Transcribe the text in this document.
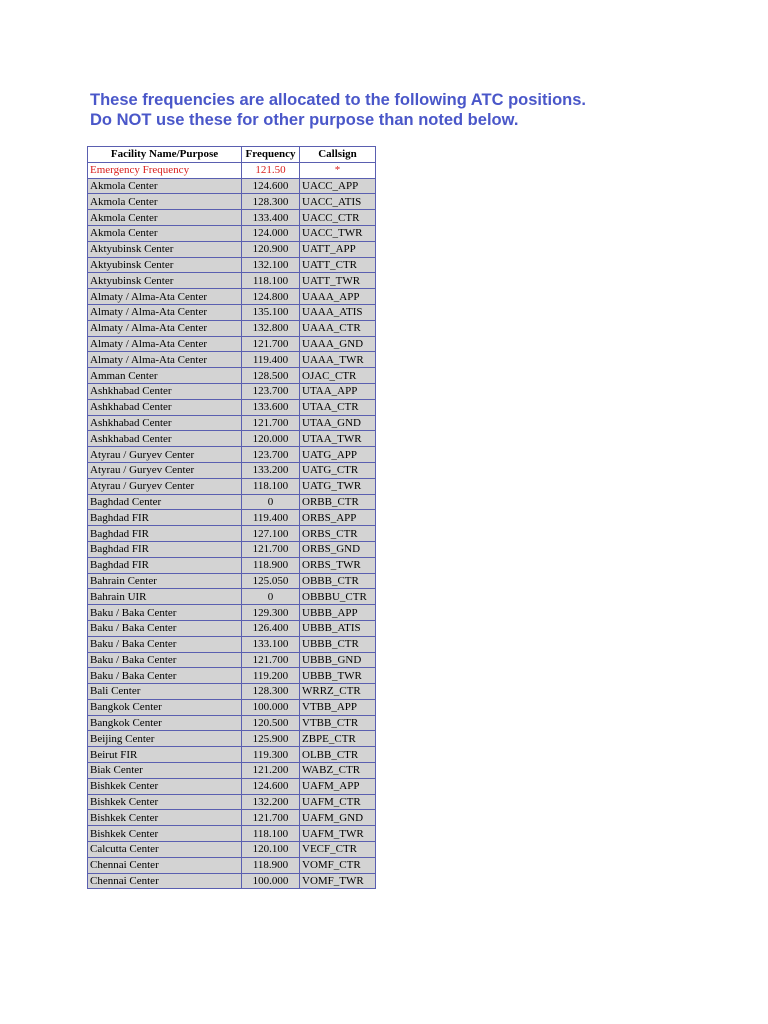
These frequencies are allocated to the following ATC positions.
Do NOT use these for other purpose than noted below.
Facility Name/Purpose	Frequency	Callsign
Emergency Frequency	121.50	*
Akmola Center	124.600	UACC_APP
Akmola Center	128.300	UACC_ATIS
Akmola Center	133.400	UACC_CTR
Akmola Center	124.000	UACC_TWR
Aktyubinsk Center	120.900	UATT_APP
Aktyubinsk Center	132.100	UATT_CTR
Aktyubinsk Center	118.100	UATT_TWR
Almaty / Alma-Ata Center	124.800	UAAA_APP
Almaty / Alma-Ata Center	135.100	UAAA_ATIS
Almaty / Alma-Ata Center	132.800	UAAA_CTR
Almaty / Alma-Ata Center	121.700	UAAA_GND
Almaty / Alma-Ata Center	119.400	UAAA_TWR
Amman Center	128.500	OJAC_CTR
Ashkhabad Center	123.700	UTAA_APP
Ashkhabad Center	133.600	UTAA_CTR
Ashkhabad Center	121.700	UTAA_GND
Ashkhabad Center	120.000	UTAA_TWR
Atyrau / Guryev Center	123.700	UATG_APP
Atyrau / Guryev Center	133.200	UATG_CTR
Atyrau / Guryev Center	118.100	UATG_TWR
Baghdad Center	0	ORBB_CTR
Baghdad FIR	119.400	ORBS_APP
Baghdad FIR	127.100	ORBS_CTR
Baghdad FIR	121.700	ORBS_GND
Baghdad FIR	118.900	ORBS_TWR
Bahrain Center	125.050	OBBB_CTR
Bahrain UIR	0	OBBBU_CTR
Baku / Baka Center	129.300	UBBB_APP
Baku / Baka Center	126.400	UBBB_ATIS
Baku / Baka Center	133.100	UBBB_CTR
Baku / Baka Center	121.700	UBBB_GND
Baku / Baka Center	119.200	UBBB_TWR
Bali Center	128.300	WRRZ_CTR
Bangkok Center	100.000	VTBB_APP
Bangkok Center	120.500	VTBB_CTR
Beijing Center	125.900	ZBPE_CTR
Beirut FIR	119.300	OLBB_CTR
Biak Center	121.200	WABZ_CTR
Bishkek Center	124.600	UAFM_APP
Bishkek Center	132.200	UAFM_CTR
Bishkek Center	121.700	UAFM_GND
Bishkek Center	118.100	UAFM_TWR
Calcutta Center	120.100	VECF_CTR
Chennai Center	118.900	VOMF_CTR
Chennai Center	100.000	VOMF_TWR
